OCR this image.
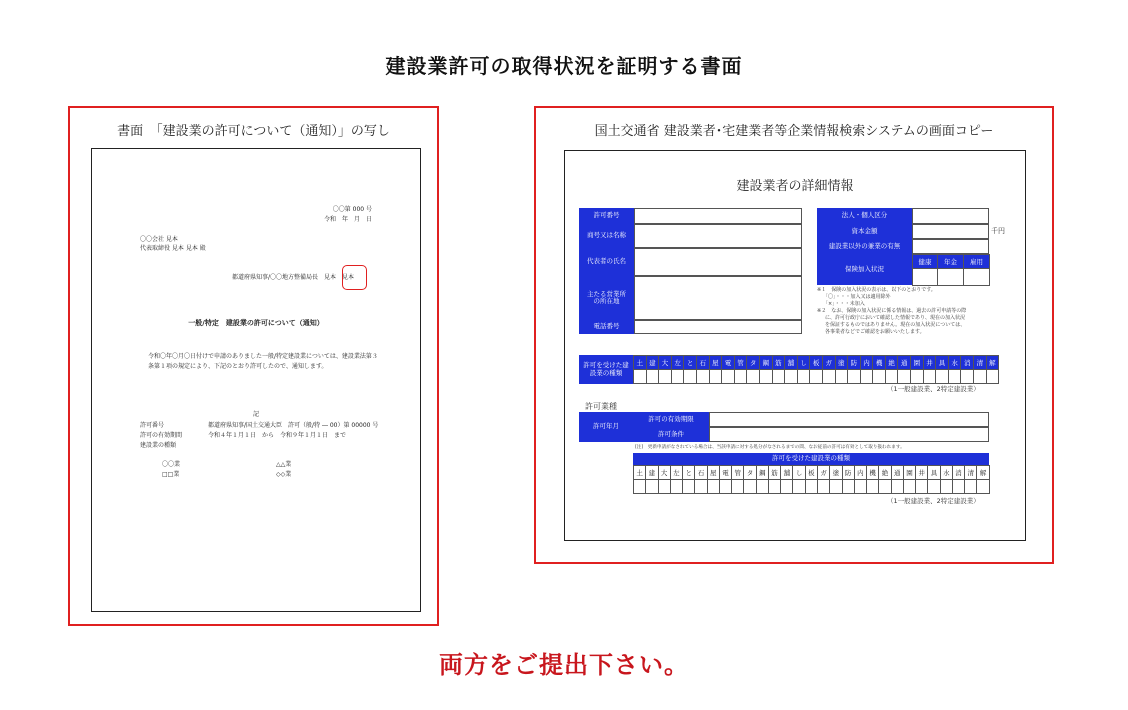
建設業許可の取得状況を証明する書面
書面　「建設業の許可について（通知）」の写し
〇〇第 000 号
令和　年　月　日
〇〇会社 見本
代表取締役 見本 見本 殿
都道府県知事/〇〇地方整備局長　見本　見本
一般/特定　建設業の許可について（通知）
令和〇年〇月〇日付けで申請のありました一般/特定建設業については、建設業法第３条第１項の規定により、下記のとおり許可したので、通知します。
記
許可番号	都道府県知事/国土交通大臣　許可（般/特 ― 00）第 00000 号
許可の有効期間	令和４年１月１日　から　令和９年１月１日　まで
建設業の種類
〇〇業	△△業
□□業	◇◇業
国土交通省 建設業者･宅建業者等企業情報検索システムの画面コピー
建設業者の詳細情報
許可番号
商号又は名称
代表者の氏名
主たる営業所の所在地
電話番号
法人・個人区分
資本金額	千円
建設業以外の兼業の有無
保険加入状況
健康	年金	雇用
※１　保険の加入状況の表示は、以下のとおりです。
「〇」・・・加入又は適用除外
「×」・・・未加入
※２　なお、保険の加入状況に係る情報は、過去の許可申請等の際
に、許可行政庁において確認した情報であり、現在の加入状況
を保証するものではありません。現在の加入状況については、
各事業者などでご確認をお願いいたします。
許可を受けた建設業の種類
土 建 大 左 と 石 屋 電 管 タ 鋼 筋 舗 し 板 ガ 塗 防 内 機 絶 通 園 井 具 水 消 清 解
（1一般建設業、2特定建設業）
許可業種
許可年月
許可の有効期限
許可条件
[注]　更新申請がなされている場合は、当該申請に対する処分がなされるまでの間、なお従前の許可は有効として取り扱われます。
許可を受けた建設業の種類
土 建 大 左 と 石 屋 電 管 タ 鋼 筋 舗 し 板 ガ 塗 防 内 機 絶 通 園 井 具 水 消 清 解
（1一般建設業、2特定建設業）
両方をご提出下さい。
